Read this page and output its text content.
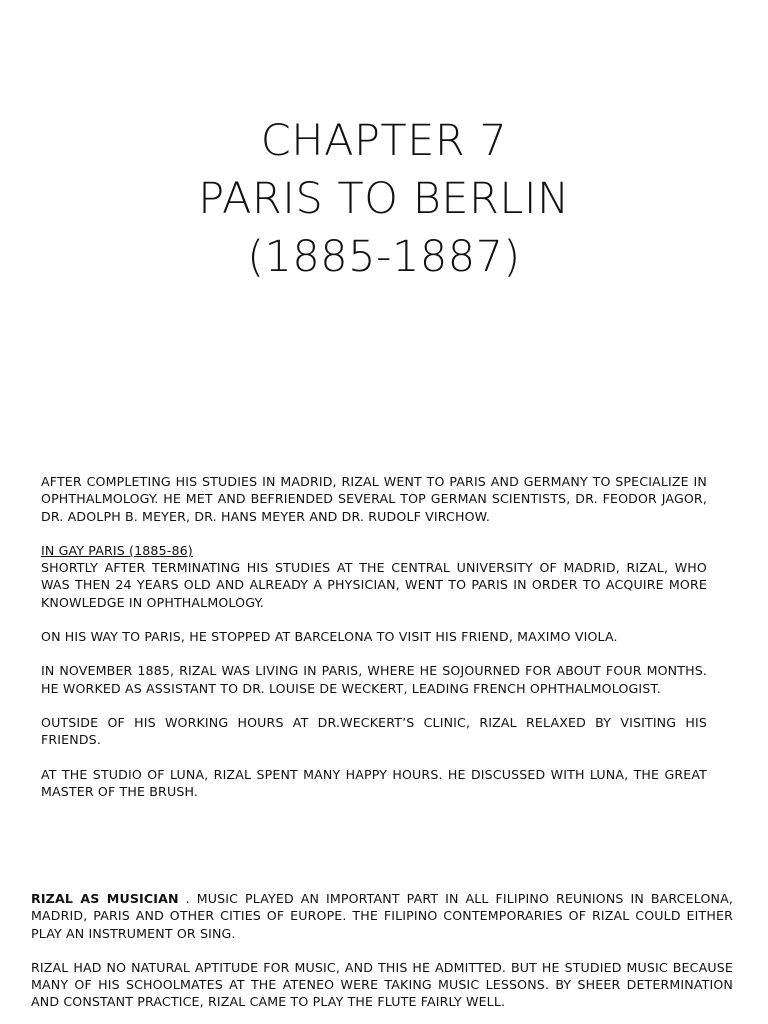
CHAPTER 7
PARIS TO BERLIN
(1885-1887)

AFTER COMPLETING HIS STUDIES IN MADRID, RIZAL WENT TO PARIS AND GERMANY TO SPECIALIZE IN OPHTHALMOLOGY. HE MET AND BEFRIENDED SEVERAL TOP GERMAN SCIENTISTS, DR. FEODOR JAGOR, DR. ADOLPH B. MEYER, DR. HANS MEYER AND DR. RUDOLF VIRCHOW.

IN GAY PARIS (1885-86)
SHORTLY AFTER TERMINATING HIS STUDIES AT THE CENTRAL UNIVERSITY OF MADRID, RIZAL, WHO WAS THEN 24 YEARS OLD AND ALREADY A PHYSICIAN, WENT TO PARIS IN ORDER TO ACQUIRE MORE KNOWLEDGE IN OPHTHALMOLOGY.

ON HIS WAY TO PARIS, HE STOPPED AT BARCELONA TO VISIT HIS FRIEND, MAXIMO VIOLA.

IN NOVEMBER 1885, RIZAL WAS LIVING IN PARIS, WHERE HE SOJOURNED FOR ABOUT FOUR MONTHS. HE WORKED AS ASSISTANT TO DR. LOUISE DE WECKERT, LEADING FRENCH OPHTHALMOLOGIST.

OUTSIDE OF HIS WORKING HOURS AT DR.WECKERT’S CLINIC, RIZAL RELAXED BY VISITING HIS FRIENDS.

AT THE STUDIO OF LUNA, RIZAL SPENT MANY HAPPY HOURS. HE DISCUSSED WITH LUNA, THE GREAT MASTER OF THE BRUSH.

RIZAL AS MUSICIAN . MUSIC PLAYED AN IMPORTANT PART IN ALL FILIPINO REUNIONS IN BARCELONA, MADRID, PARIS AND OTHER CITIES OF EUROPE. THE FILIPINO CONTEMPORARIES OF RIZAL COULD EITHER PLAY AN INSTRUMENT OR SING.

RIZAL HAD NO NATURAL APTITUDE FOR MUSIC, AND THIS HE ADMITTED. BUT HE STUDIED MUSIC BECAUSE MANY OF HIS SCHOOLMATES AT THE ATENEO WERE TAKING MUSIC LESSONS. BY SHEER DETERMINATION AND CONSTANT PRACTICE, RIZAL CAME TO PLAY THE FLUTE FAIRLY WELL.
